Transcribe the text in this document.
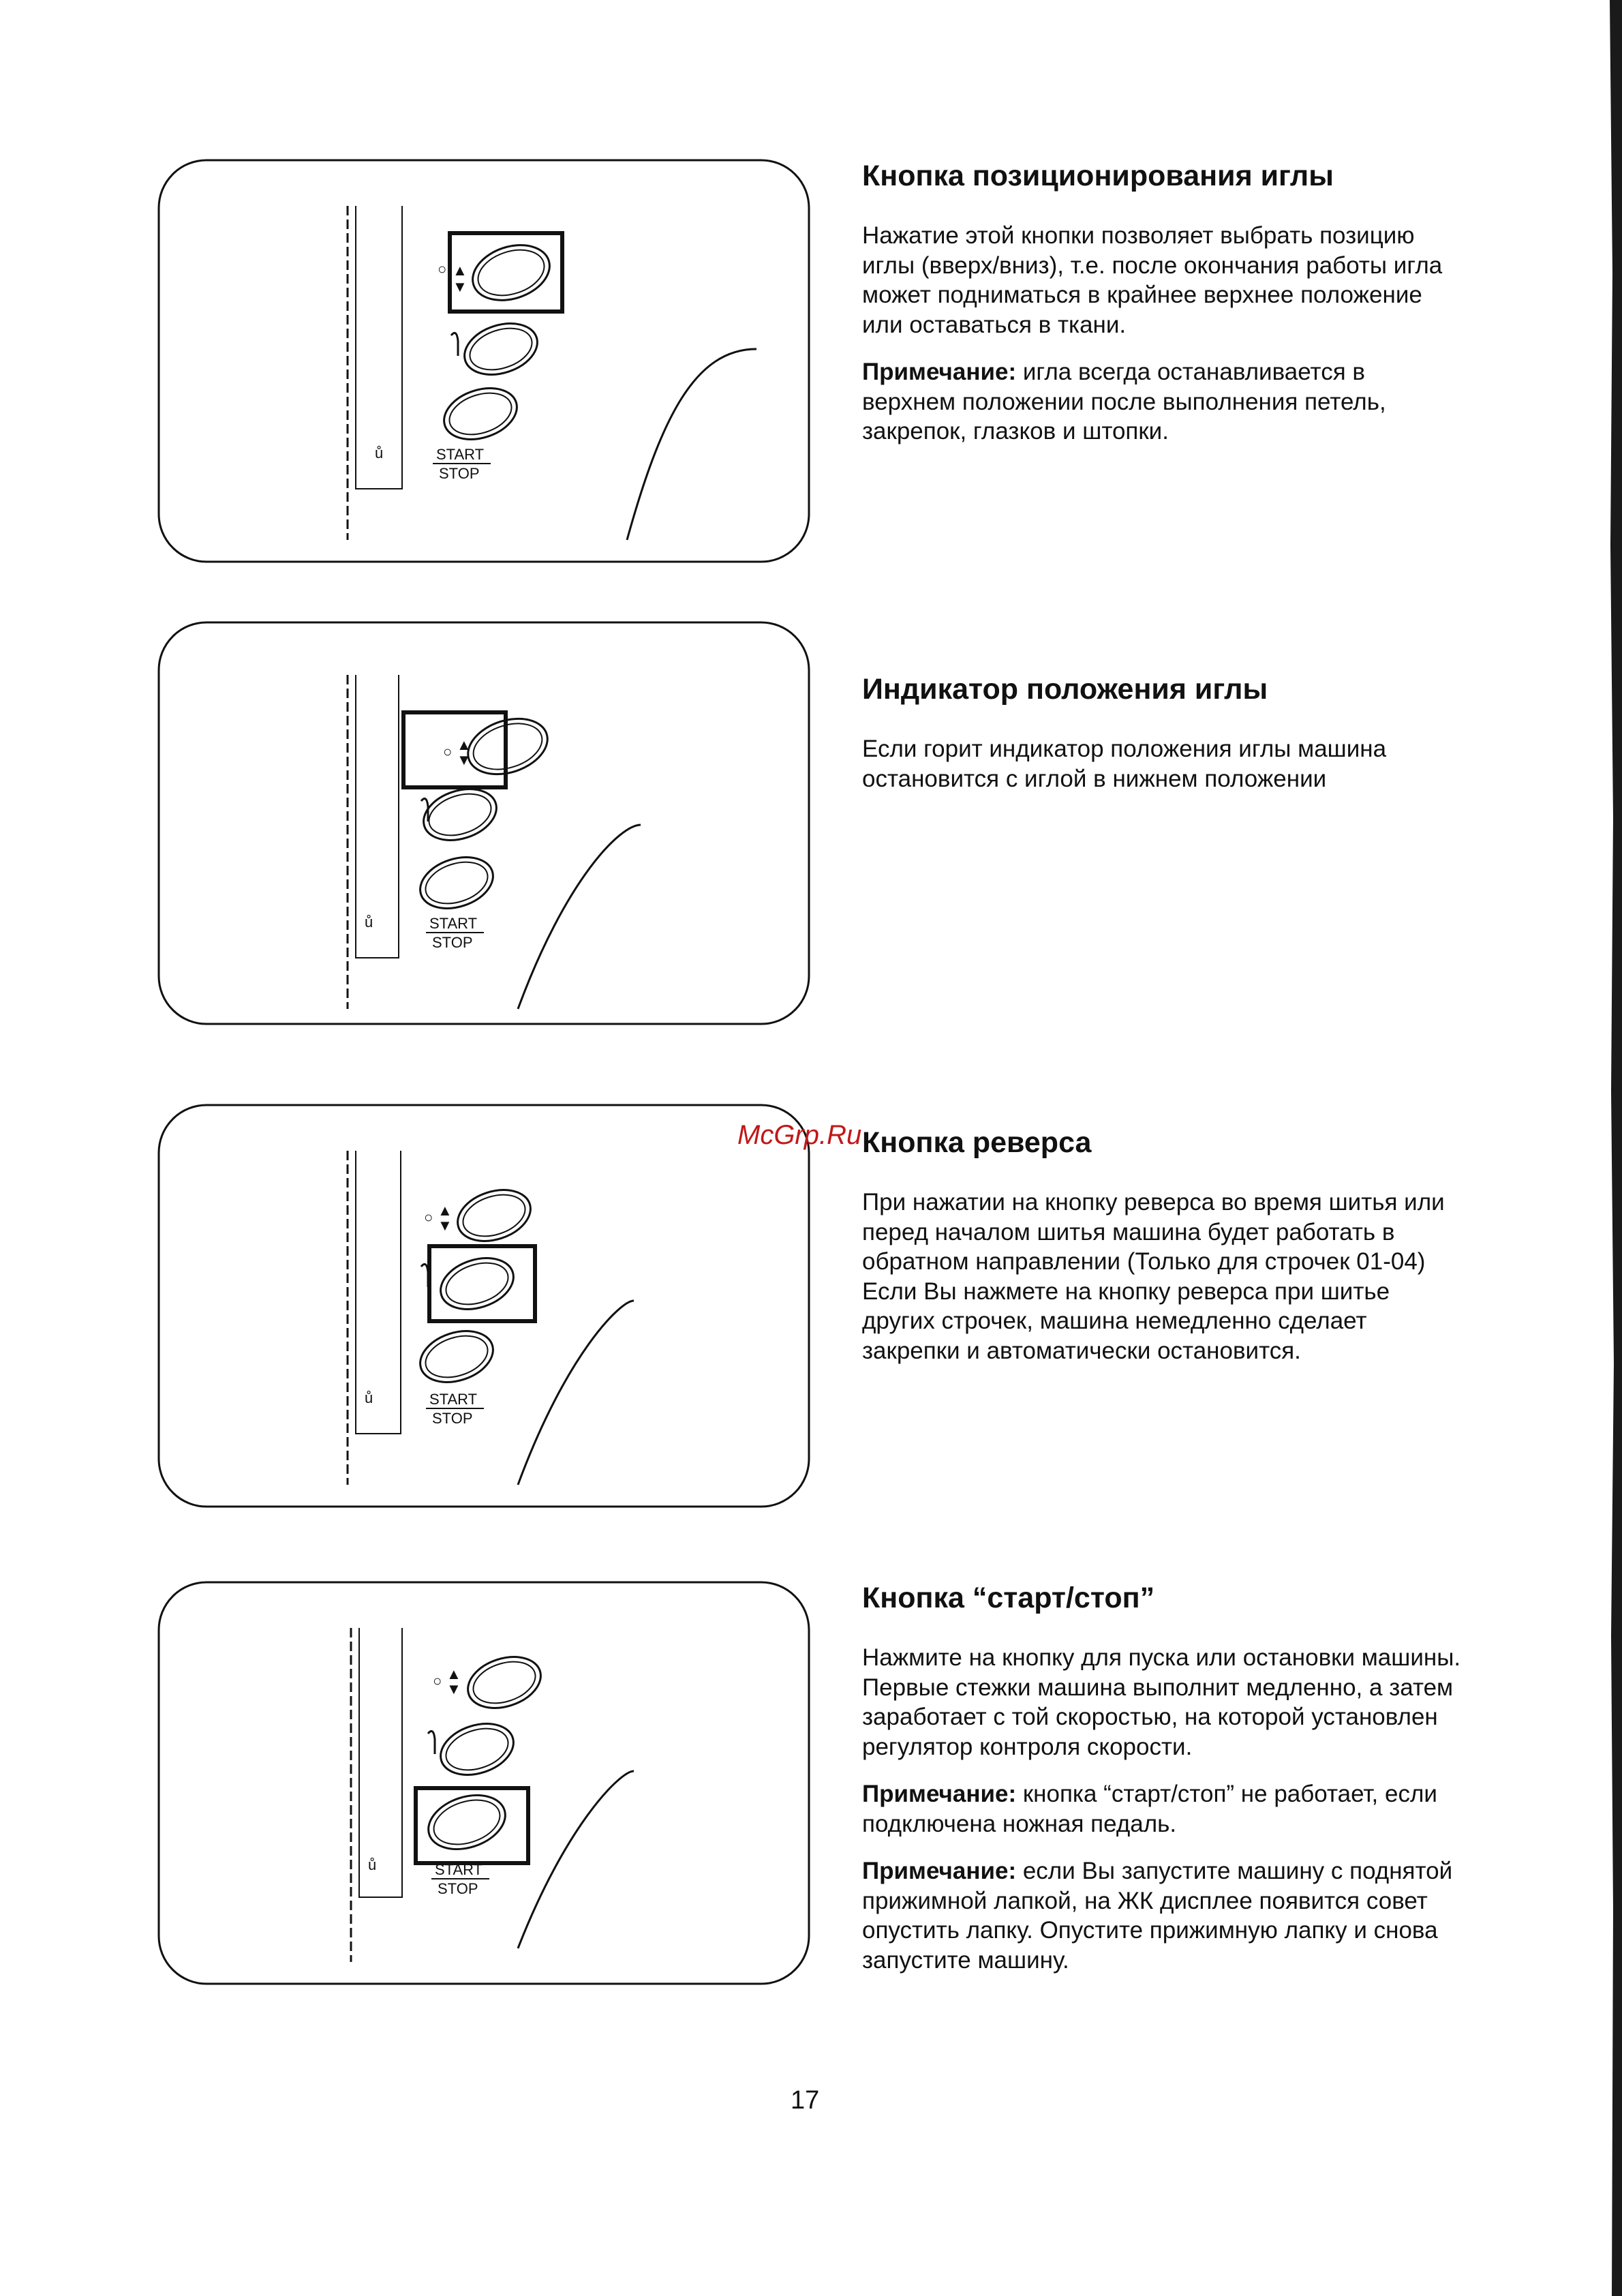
○ ▲
▼
ů	START
STOP
○ ▲
▼
ů	START
STOP
○ ▲
▼
ů	START
STOP
○ ▲
▼
ů	START
STOP
Кнопка позиционирования иглы
Нажатие этой кнопки позволяет выбрать позицию иглы (вверх/вниз), т.е. после окончания работы игла может подниматься в крайнее верхнее положение или оставаться в ткани.
Примечание: игла всегда останавливается в верхнем положении после выполнения петель, закрепок, глазков и штопки.
Индикатор положения иглы
Если горит индикатор положения иглы машина остановится с иглой в нижнем положении
Кнопка реверса
При нажатии на кнопку реверса во время шитья или перед началом шитья машина будет работать в обратном направлении (Только для строчек 01-04) Если Вы нажмете на кнопку реверса при шитье других строчек, машина немедленно сделает закрепки и автоматически остановится.
Кнопка “старт/стоп”
Нажмите на кнопку для пуска или остановки машины. Первые стежки машина выполнит медленно, а затем заработает с той скоростью, на которой установлен регулятор контроля скорости.
Примечание: кнопка “старт/стоп” не работает, если подключена ножная педаль.
Примечание: если Вы запустите машину с поднятой прижимной лапкой, на ЖК дисплее появится совет опустить лапку. Опустите прижимную лапку и снова запустите машину.
McGrp.Ru
17
